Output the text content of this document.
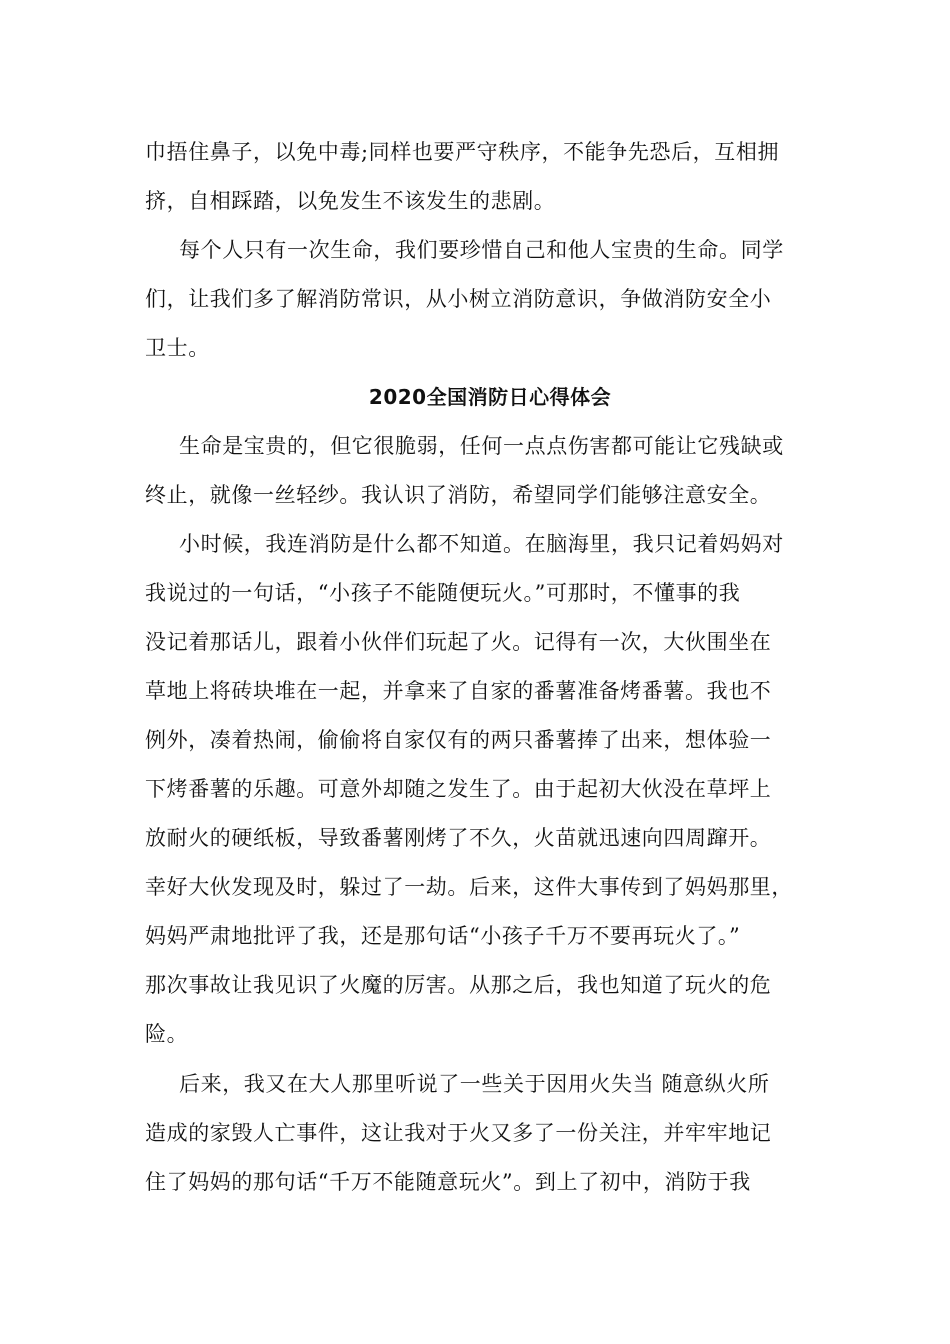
巾捂住鼻子，以免中毒;同样也要严守秩序，不能争先恐后，互相拥
挤，自相踩踏，以免发生不该发生的悲剧。
每个人只有一次生命，我们要珍惜自己和他人宝贵的生命。同学
们，让我们多了解消防常识，从小树立消防意识，争做消防安全小
卫士。
2020全国消防日心得体会
生命是宝贵的，但它很脆弱，任何一点点伤害都可能让它残缺或
终止，就像一丝轻纱。我认识了消防，希望同学们能够注意安全。
小时候，我连消防是什么都不知道。在脑海里，我只记着妈妈对
我说过的一句话，“小孩子不能随便玩火。”可那时，不懂事的我
没记着那话儿，跟着小伙伴们玩起了火。记得有一次，大伙围坐在
草地上将砖块堆在一起，并拿来了自家的番薯准备烤番薯。我也不
例外，凑着热闹，偷偷将自家仅有的两只番薯捧了出来，想体验一
下烤番薯的乐趣。可意外却随之发生了。由于起初大伙没在草坪上
放耐火的硬纸板，导致番薯刚烤了不久，火苗就迅速向四周蹿开。
幸好大伙发现及时，躲过了一劫。后来，这件大事传到了妈妈那里，
妈妈严肃地批评了我，还是那句话“小孩子千万不要再玩火了。”
那次事故让我见识了火魔的厉害。从那之后，我也知道了玩火的危
险。
后来，我又在大人那里听说了一些关于因用火失当 随意纵火所
造成的家毁人亡事件，这让我对于火又多了一份关注，并牢牢地记
住了妈妈的那句话“千万不能随意玩火”。到上了初中，消防于我
